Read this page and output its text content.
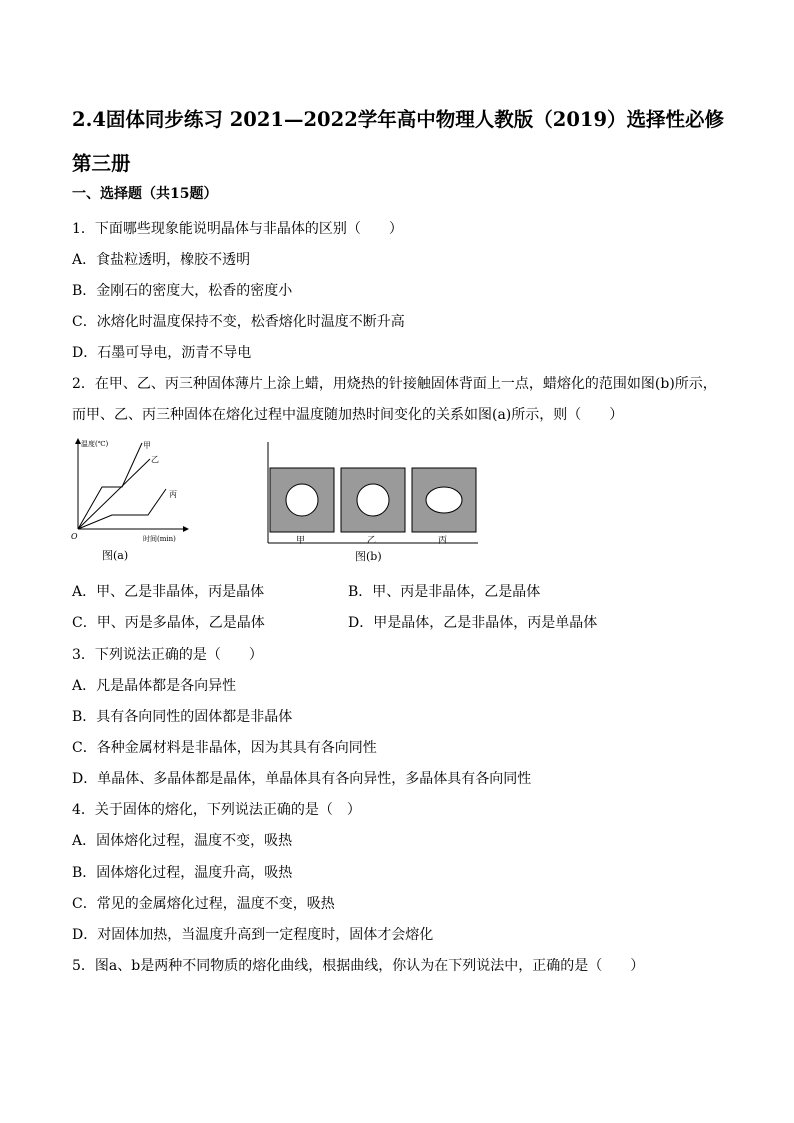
2.4固体同步练习 2021—2022学年高中物理人教版（2019）选择性必修第三册
一、选择题（共15题）
1．下面哪些现象能说明晶体与非晶体的区别（　　）
A．食盐粒透明，橡胶不透明
B．金刚石的密度大，松香的密度小
C．冰熔化时温度保持不变，松香熔化时温度不断升高
D．石墨可导电，沥青不导电
2．在甲、乙、丙三种固体薄片上涂上蜡，用烧热的针接触固体背面上一点，蜡熔化的范围如图(b)所示，
而甲、乙、丙三种固体在熔化过程中温度随加热时间变化的关系如图(a)所示，则（　　）
温度(℃)
时间(min)
O
甲
乙
丙
图(a)
甲	乙	丙
图(b)
A．甲、乙是非晶体，丙是晶体	B．甲、丙是非晶体，乙是晶体
C．甲、丙是多晶体，乙是晶体	D．甲是晶体，乙是非晶体，丙是单晶体
3．下列说法正确的是（　　）
A．凡是晶体都是各向异性
B．具有各向同性的固体都是非晶体
C．各种金属材料是非晶体，因为其具有各向同性
D．单晶体、多晶体都是晶体，单晶体具有各向异性，多晶体具有各向同性
4．关于固体的熔化，下列说法正确的是（　）
A．固体熔化过程，温度不变，吸热
B．固体熔化过程，温度升高，吸热
C．常见的金属熔化过程，温度不变，吸热
D．对固体加热，当温度升高到一定程度时，固体才会熔化
5．图a、b是两种不同物质的熔化曲线，根据曲线，你认为在下列说法中，正确的是（　　）
